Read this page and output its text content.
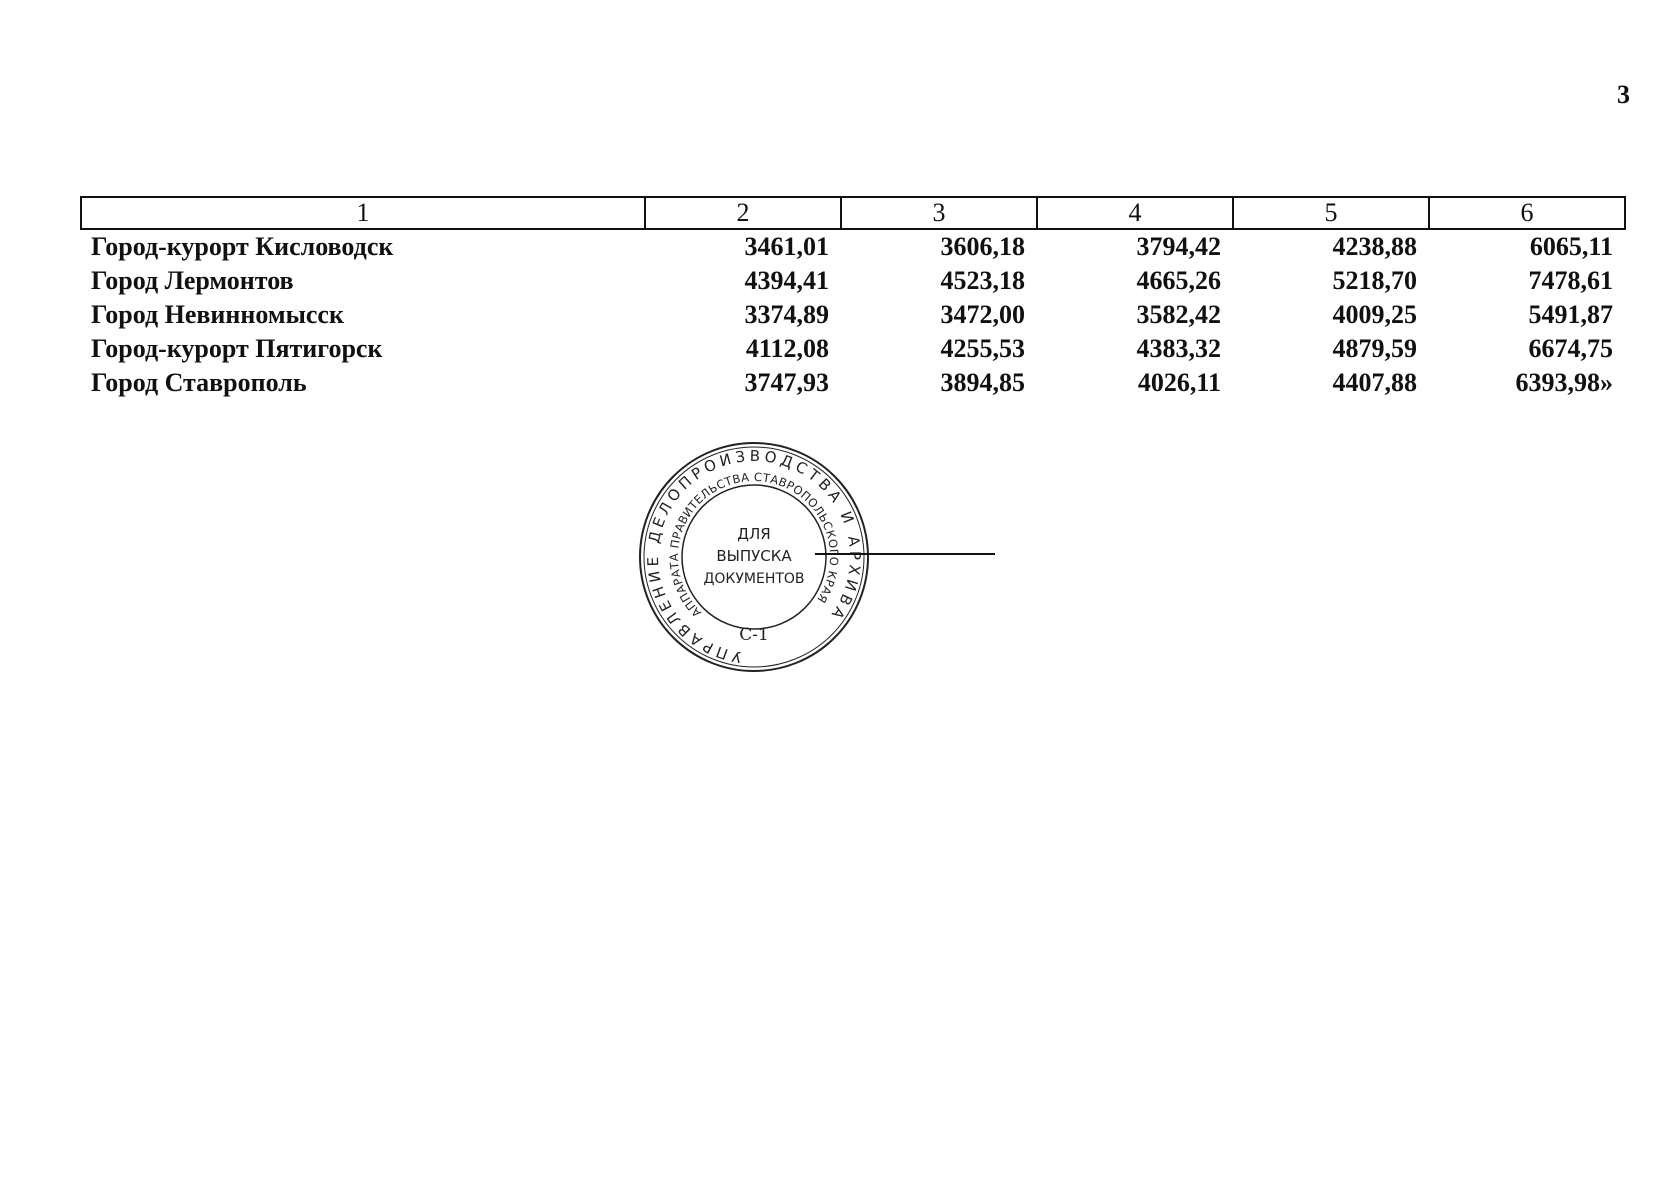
3
1	2	3	4	5	6
Город-курорт Кисловодск	3461,01	3606,18	3794,42	4238,88	6065,11
Город Лермонтов	4394,41	4523,18	4665,26	5218,70	7478,61
Город Невинномысск	3374,89	3472,00	3582,42	4009,25	5491,87
Город-курорт Пятигорск	4112,08	4255,53	4383,32	4879,59	6674,75
Город Ставрополь	3747,93	3894,85	4026,11	4407,88	6393,98»
УПРАВЛЕНИЕ ДЕЛОПРОИЗВОДСТВА И АРХИВА
АППАРАТА ПРАВИТЕЛЬСТВА СТАВРОПОЛЬСКОГО КРАЯ
ДЛЯ
ВЫПУСКА
ДОКУМЕНТОВ
С-1
